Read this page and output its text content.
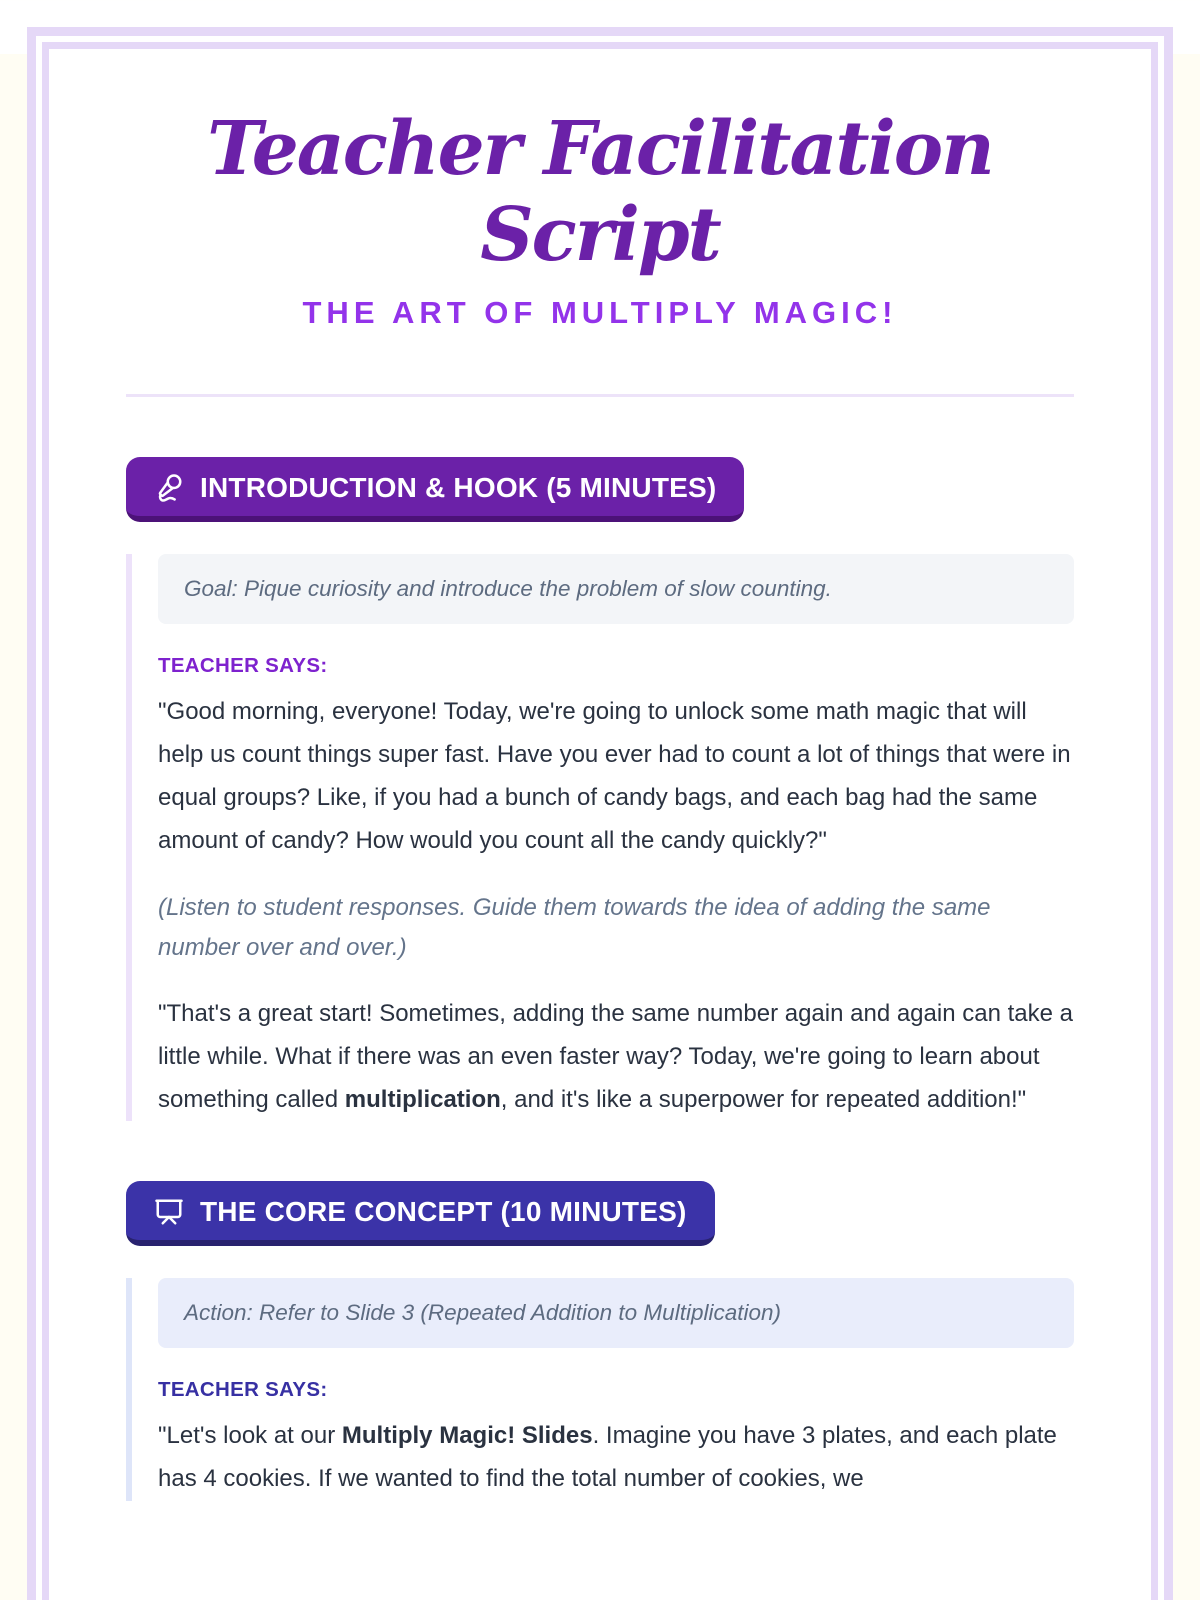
Teacher Facilitation
Script
THE ART OF MULTIPLY MAGIC!
INTRODUCTION & HOOK (5 MINUTES)
Goal: Pique curiosity and introduce the problem of slow counting.
TEACHER SAYS:

"Good morning, everyone! Today, we're going to unlock some math magic that will help us count things super fast. Have you ever had to count a lot of things that were in equal groups? Like, if you had a bunch of candy bags, and each bag had the same amount of candy? How would you count all the candy quickly?"

(Listen to student responses. Guide them towards the idea of adding the same number over and over.)

"That's a great start! Sometimes, adding the same number again and again can take a little while. What if there was an even faster way? Today, we're going to learn about something called multiplication, and it's like a superpower for repeated addition!"

THE CORE CONCEPT (10 MINUTES)
Action: Refer to Slide 3 (Repeated Addition to Multiplication)
TEACHER SAYS:

"Let's look at our Multiply Magic! Slides. Imagine you have 3 plates, and each plate has 4 cookies. If we wanted to find the total number of cookies, we
